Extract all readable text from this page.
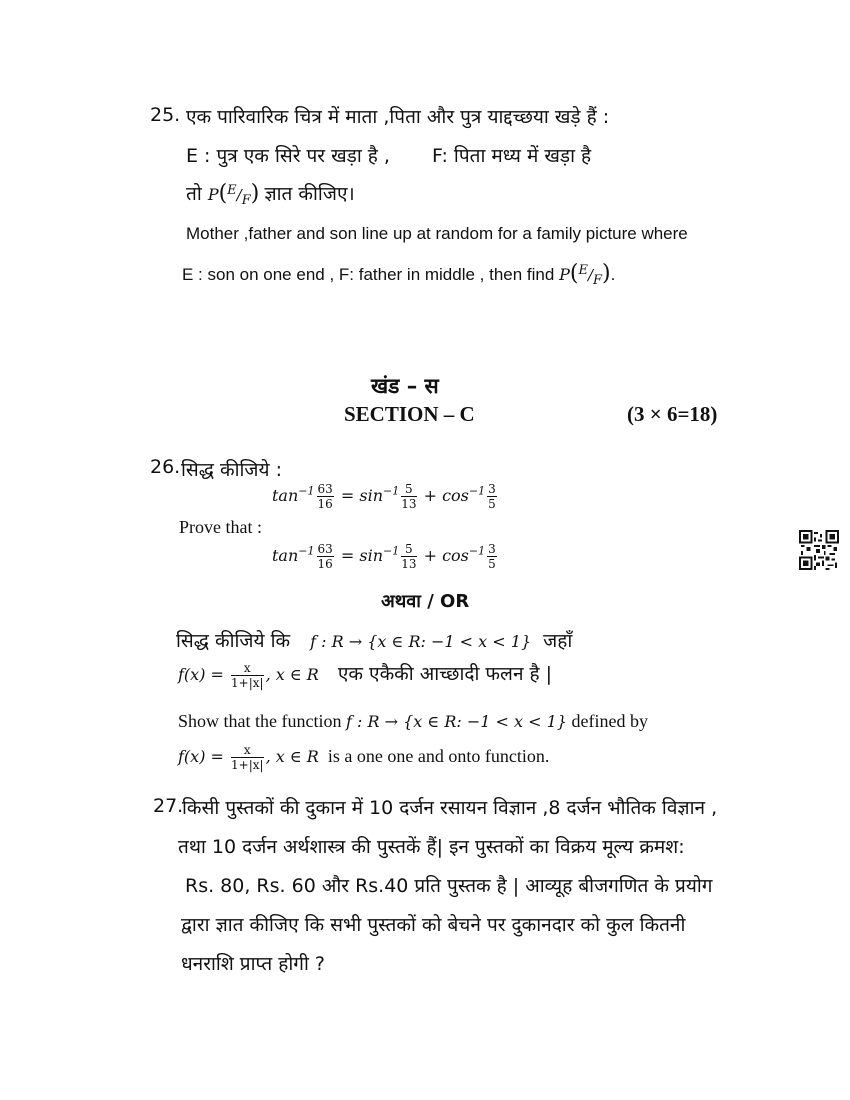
25. एक पारिवारिक चित्र में माता ,पिता और पुत्र याद्दच्छया खड़े हैं :
E : पुत्र एक सिरे पर खड़ा है , F: पिता मध्य में खड़ा है
तो $P(^E/_F)$ ज्ञात कीजिए।
Mother ,father and son line up at random for a family picture where
E : son on one end , F: father in middle , then find $P(^E/_F)$.
खंड – स
SECTION – C	(3 × 6=18)
26. सिद्ध कीजिये :
$\tan^{-1} \frac{63}{16} = \sin^{-1} \frac{5}{13} + \cos^{-1} \frac{3}{5}$
Prove that :
$\tan^{-1} \frac{63}{16} = \sin^{-1} \frac{5}{13} + \cos^{-1} \frac{3}{5}$
अथवा / OR
सिद्ध कीजिये कि f : R → {x ∈ R: −1 < x < 1} जहाँ
$f(x) = \frac{x}{1+|x|}$ , x ∈ R एक एकैकी आच्छादी फलन है |
Show that the function f : R → {x ∈ R: −1 < x < 1} defined by
$f(x) = \frac{x}{1+|x|}$ , x ∈ R is a one one and onto function.
27.
किसी पुस्तकों की दुकान में 10 दर्जन रसायन विज्ञान ,8 दर्जन भौतिक विज्ञान ,
तथा 10 दर्जन अर्थशास्त्र की पुस्तकें हैं| इन पुस्तकों का विक्रय मूल्य क्रमश:
Rs. 80, Rs. 60 और Rs.40 प्रति पुस्तक है | आव्यूह बीजगणित के प्रयोग
द्वारा ज्ञात कीजिए कि सभी पुस्तकों को बेचने पर दुकानदार को कुल कितनी
धनराशि प्राप्त होगी ?
